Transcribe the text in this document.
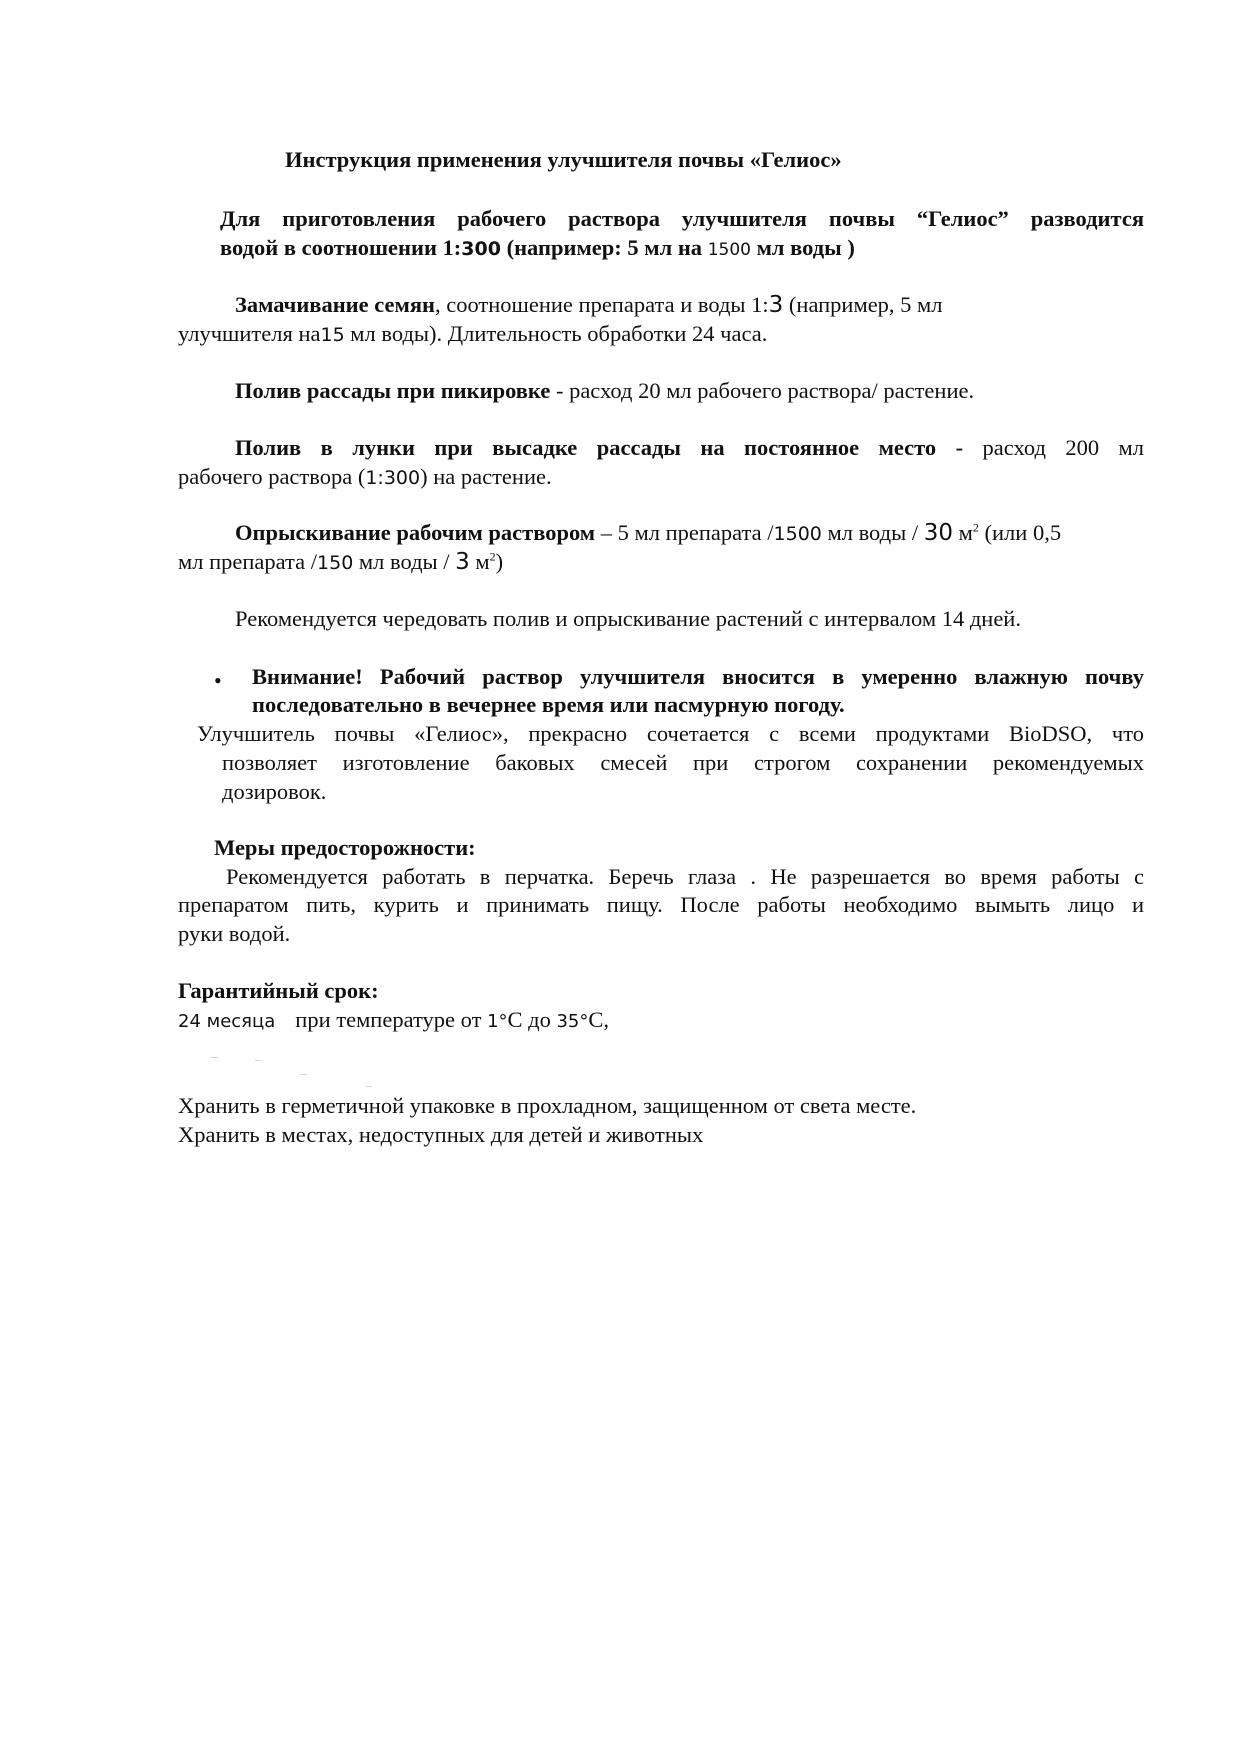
Инструкция применения улучшителя почвы «Гелиос»
Для приготовления рабочего раствора улучшителя почвы “Гелиос” разводится
водой в соотношении 1:300 (например: 5 мл на 1500 мл воды )
Замачивание семян, соотношение препарата и воды 1:3 (например, 5 мл
улучшителя на15 мл воды). Длительность обработки 24 часа.
Полив рассады при пикировке - расход 20 мл рабочего раствора/ растение.
Полив в лунки при высадке рассады на постоянное место - расход 200 мл
рабочего раствора (1:300) на растение.
Опрыскивание рабочим раствором – 5 мл препарата /1500 мл воды / 30 $м^2$ (или 0,5
мл препарата /150 мл воды / 3 $м^2$)
Рекомендуется чередовать полив и опрыскивание растений с интервалом 14 дней.
• Внимание! Рабочий раствор улучшителя вносится в умеренно влажную почву
последовательно в вечернее время или пасмурную погоду.
Улучшитель почвы «Гелиос», прекрасно сочетается с всеми продуктами BioDSO, что
позволяет изготовление баковых смесей при строгом сохранении рекомендуемых
дозировок.
Меры предосторожности:
Рекомендуется работать в перчатка. Беречь глаза . Не разрешается во время работы с
препаратом пить, курить и принимать пищу. После работы необходимо вымыть лицо и
руки водой.
Гарантийный срок:
24 месяца при температуре от 1°С до 35°С,
Хранить в герметичной упаковке в прохладном, защищенном от света месте.
Хранить в местах, недоступных для детей и животных
